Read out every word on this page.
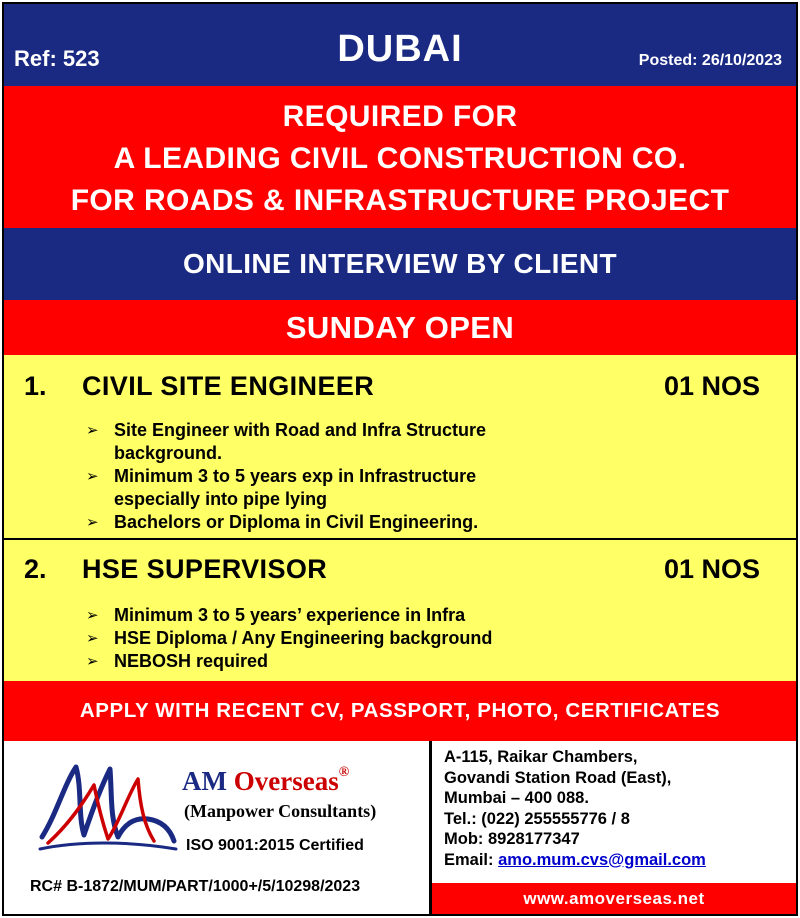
Ref: 523	DUBAI	Posted: 26/10/2023
REQUIRED FOR
A LEADING CIVIL CONSTRUCTION CO.
FOR ROADS & INFRASTRUCTURE PROJECT
ONLINE INTERVIEW BY CLIENT
SUNDAY OPEN
1. CIVIL SITE ENGINEER	01 NOS
➢ Site Engineer with Road and Infra Structure background.
➢ Minimum 3 to 5 years exp in Infrastructure especially into pipe lying
➢ Bachelors or Diploma in Civil Engineering.
2. HSE SUPERVISOR	01 NOS
➢ Minimum 3 to 5 years’ experience in Infra
➢ HSE Diploma / Any Engineering background
➢ NEBOSH required
APPLY WITH RECENT CV, PASSPORT, PHOTO, CERTIFICATES
AM Overseas®
(Manpower Consultants)
ISO 9001:2015 Certified
RC# B-1872/MUM/PART/1000+/5/10298/2023
A-115, Raikar Chambers,
Govandi Station Road (East),
Mumbai – 400 088.
Tel.: (022) 255555776 / 8
Mob: 8928177347
Email: amo.mum.cvs@gmail.com
www.amoverseas.net
